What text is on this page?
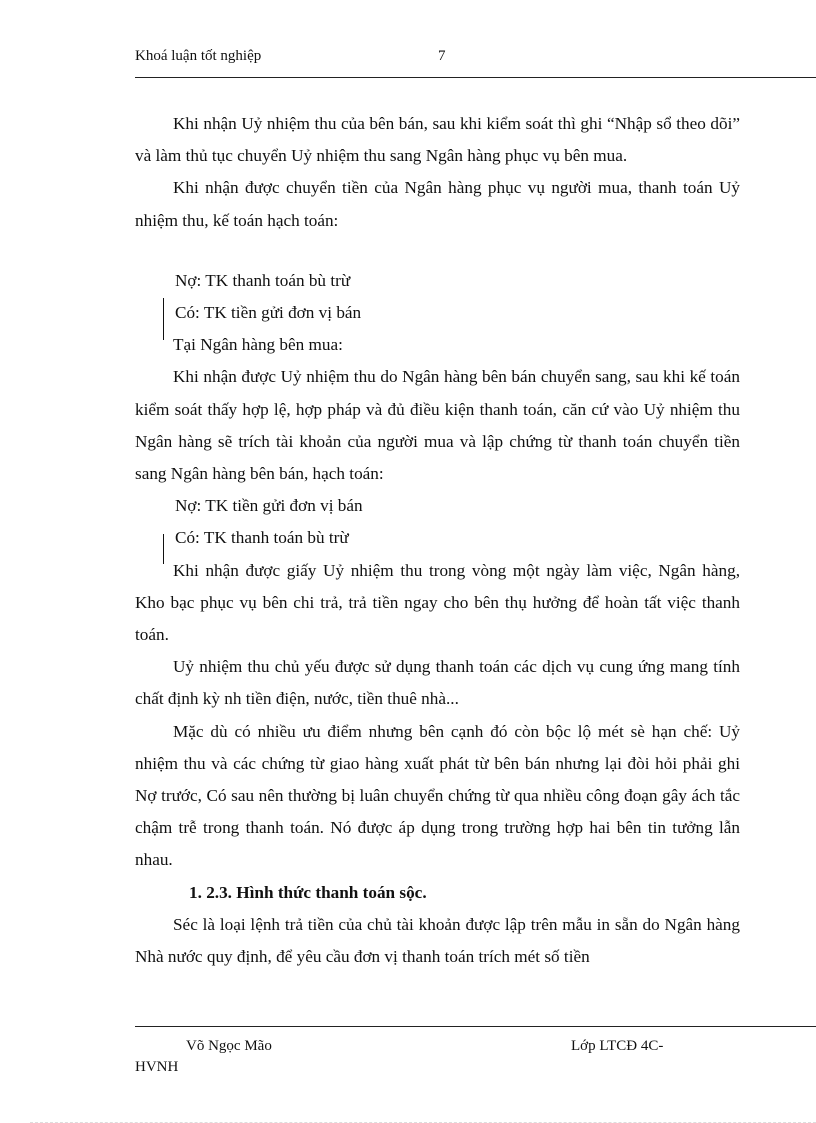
Khoá luận tốt nghiệp	7

Khi nhận Uỷ nhiệm thu của bên bán, sau khi kiểm soát thì ghi “Nhập sổ theo dõi” và làm thủ tục chuyển Uỷ nhiệm thu sang Ngân hàng phục vụ bên mua.

Khi nhận được chuyển tiền của Ngân hàng phục vụ người mua, thanh toán Uỷ nhiệm thu, kế toán hạch toán:

Nợ: TK thanh toán bù trừ

Có: TK tiền gửi đơn vị bán

Tại Ngân hàng bên mua:

Khi nhận được Uỷ nhiệm thu do Ngân hàng bên bán chuyển sang, sau khi kế toán kiểm soát thấy hợp lệ, hợp pháp và đủ điều kiện thanh toán, căn cứ vào Uỷ nhiệm thu Ngân hàng sẽ trích tài khoản của người mua và lập chứng từ thanh toán chuyển tiền sang Ngân hàng bên bán, hạch toán:

Nợ: TK tiền gửi đơn vị bán

Có: TK thanh toán bù trừ

Khi nhận được giấy Uỷ nhiệm thu trong vòng một ngày làm việc, Ngân hàng, Kho bạc phục vụ bên chi trả, trả tiền ngay cho bên thụ hưởng để hoàn tất việc thanh toán.

Uỷ nhiệm thu chủ yếu được sử dụng thanh toán các dịch vụ cung ứng mang tính chất định kỳ nh tiền điện, nước, tiền thuê nhà...

Mặc dù có nhiều ưu điểm nhưng bên cạnh đó còn bộc lộ mét sè hạn chế: Uỷ nhiệm thu và các chứng từ giao hàng xuất phát từ bên bán nhưng lại đòi hỏi phải ghi Nợ trước, Có sau nên thường bị luân chuyển chứng từ qua nhiều công đoạn gây ách tắc chậm trễ trong thanh toán. Nó được áp dụng trong trường hợp hai bên tin tưởng lẫn nhau.

1. 2.3. Hình thức thanh toán sộc.

Séc là loại lệnh trả tiền của chủ tài khoản được lập trên mẫu in sẵn do Ngân hàng Nhà nước quy định, để yêu cầu đơn vị thanh toán trích mét số tiền

Võ Ngọc Mão	Lớp LTCĐ 4C-
HVNH
